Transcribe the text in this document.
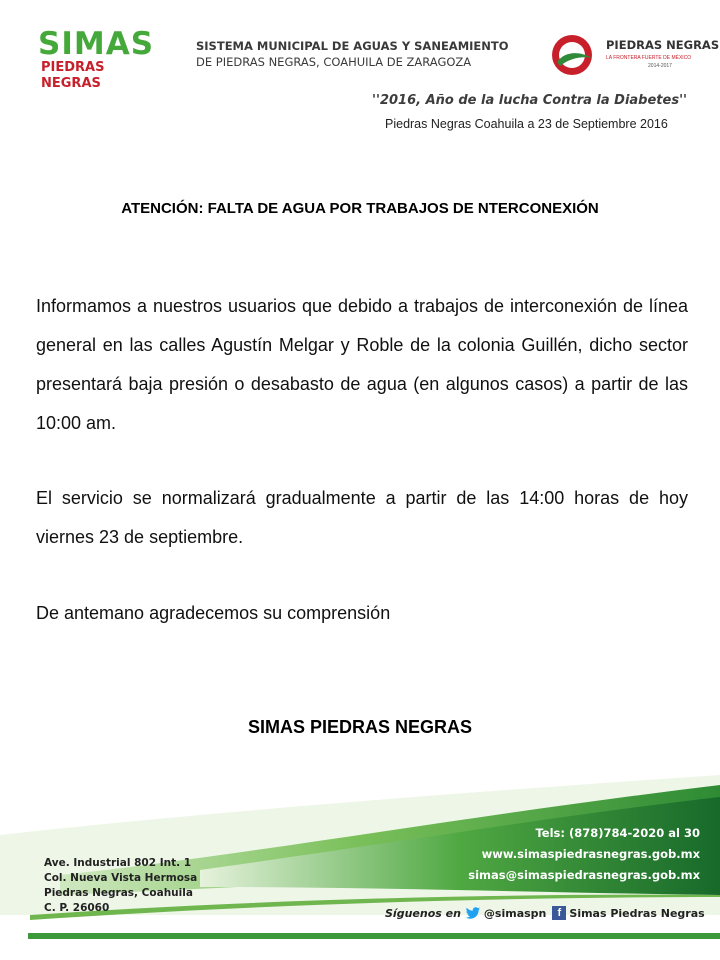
SIMAS
PIEDRAS NEGRAS
SISTEMA MUNICIPAL DE AGUAS Y SANEAMIENTO
DE PIEDRAS NEGRAS, COAHUILA DE ZARAGOZA
PIEDRAS NEGRAS
LA FRONTERA FUERTE DE MÉXICO
2014-2017
''2016, Año de la lucha Contra la Diabetes''
Piedras Negras Coahuila a 23 de Septiembre 2016
ATENCIÓN: FALTA DE AGUA POR TRABAJOS DE NTERCONEXIÓN
Informamos a nuestros usuarios que debido a trabajos de interconexión de línea general en las calles Agustín Melgar y Roble de la colonia Guillén, dicho sector presentará baja presión o desabasto de agua (en algunos casos) a partir de las 10:00 am.
El servicio se normalizará gradualmente a partir de las 14:00 horas de hoy viernes 23 de septiembre.
De antemano agradecemos su comprensión
SIMAS PIEDRAS NEGRAS
Ave. Industrial 802 Int. 1
Col. Nueva Vista Hermosa
Piedras Negras, Coahuila
C. P. 26060
Tels: (878)784-2020 al 30
www.simaspiedrasnegras.gob.mx
simas@simaspiedrasnegras.gob.mx
Síguenos en @simaspn	f Simas Piedras Negras
